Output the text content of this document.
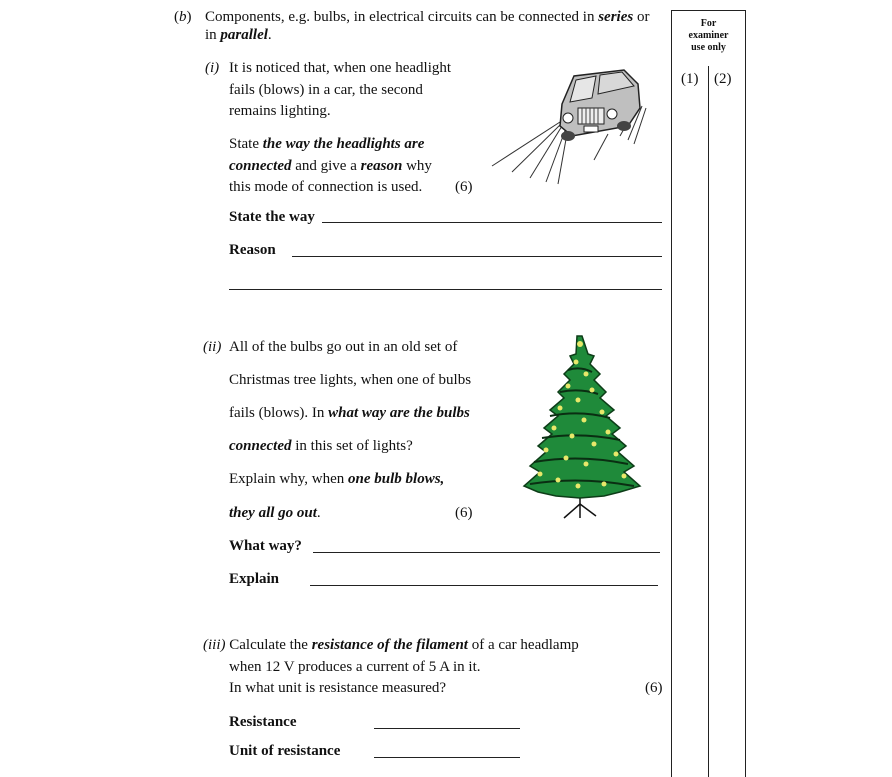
(b) Components, e.g. bulbs, in electrical circuits can be connected in series or
in parallel.
For
examiner
use only
(1) (2)
(i) It is noticed that, when one headlight
fails (blows) in a car, the second
remains lighting.
State the way the headlights are
connected and give a reason why
this mode of connection is used. (6)
State the way
Reason
(ii) All of the bulbs go out in an old set of
Christmas tree lights, when one of bulbs
fails (blows). In what way are the bulbs
connected in this set of lights?
Explain why, when one bulb blows,
they all go out.	(6)
What way?
Explain
(iii) Calculate the resistance of the filament of a car headlamp
when 12 V produces a current of 5 A in it.
In what unit is resistance measured?	(6)
Resistance
Unit of resistance
